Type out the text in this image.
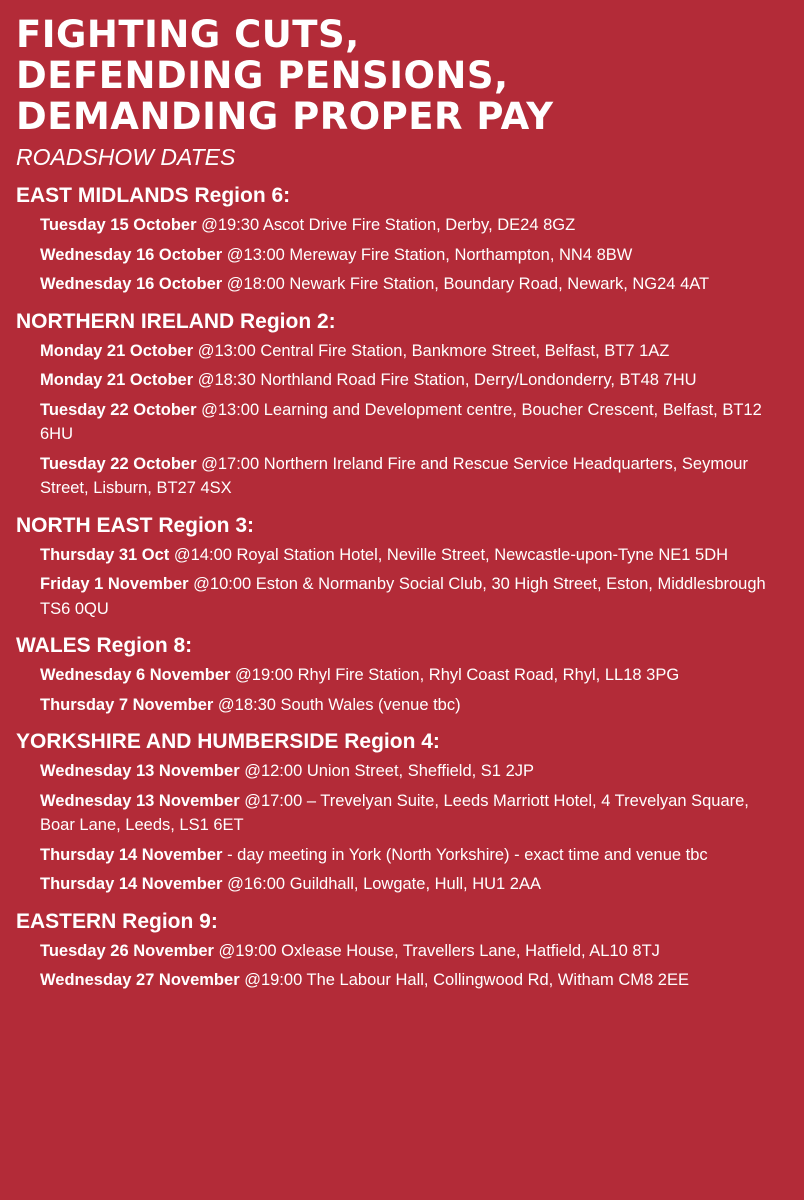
FIGHTING CUTS,
DEFENDING PENSIONS,
DEMANDING PROPER PAY
ROADSHOW DATES
EAST MIDLANDS Region 6:
Tuesday 15 October @19:30 Ascot Drive Fire Station, Derby, DE24 8GZ
Wednesday 16 October @13:00 Mereway Fire Station, Northampton, NN4 8BW
Wednesday 16 October @18:00 Newark Fire Station, Boundary Road, Newark, NG24 4AT
NORTHERN IRELAND Region 2:
Monday 21 October @13:00 Central Fire Station, Bankmore Street, Belfast, BT7 1AZ
Monday 21 October @18:30 Northland Road Fire Station, Derry/Londonderry, BT48 7HU
Tuesday 22 October @13:00 Learning and Development centre, Boucher Crescent, Belfast, BT12 6HU
Tuesday 22 October @17:00 Northern Ireland Fire and Rescue Service Headquarters, Seymour Street, Lisburn, BT27 4SX
NORTH EAST Region 3:
Thursday 31 Oct @14:00 Royal Station Hotel, Neville Street, Newcastle-upon-Tyne NE1 5DH
Friday 1 November @10:00 Eston & Normanby Social Club, 30 High Street, Eston, Middlesbrough TS6 0QU
WALES Region 8:
Wednesday 6 November @19:00 Rhyl Fire Station, Rhyl Coast Road, Rhyl, LL18 3PG
Thursday 7 November @18:30 South Wales (venue tbc)
YORKSHIRE AND HUMBERSIDE Region 4:
Wednesday 13 November @12:00 Union Street, Sheffield, S1 2JP
Wednesday 13 November @17:00 – Trevelyan Suite, Leeds Marriott Hotel, 4 Trevelyan Square, Boar Lane, Leeds, LS1 6ET
Thursday 14 November - day meeting in York (North Yorkshire) - exact time and venue tbc
Thursday 14 November @16:00 Guildhall, Lowgate, Hull, HU1 2AA
EASTERN Region 9:
Tuesday 26 November @19:00 Oxlease House, Travellers Lane, Hatfield, AL10 8TJ
Wednesday 27 November @19:00 The Labour Hall, Collingwood Rd, Witham CM8 2EE
